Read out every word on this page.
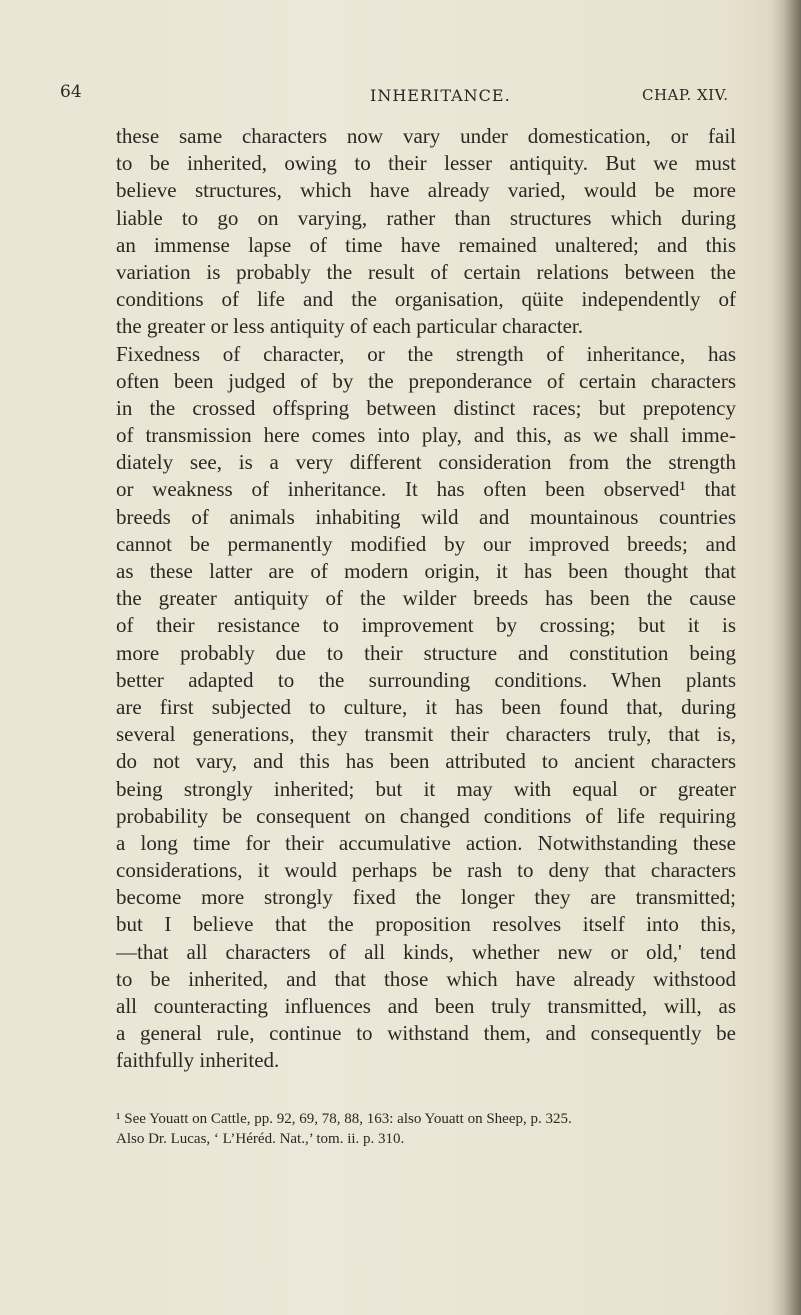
64	INHERITANCE.	CHAP. XIV.
these same characters now vary under domestication, or fail
to be inherited, owing to their lesser antiquity. But we must
believe structures, which have already varied, would be more
liable to go on varying, rather than structures which during
an immense lapse of time have remained unaltered; and this
variation is probably the result of certain relations between the
conditions of life and the organisation, qüite independently of
the greater or less antiquity of each particular character.
Fixedness of character, or the strength of inheritance, has
often been judged of by the preponderance of certain characters
in the crossed offspring between distinct races; but prepotency
of transmission here comes into play, and this, as we shall imme-
diately see, is a very different consideration from the strength
or weakness of inheritance. It has often been observed¹ that
breeds of animals inhabiting wild and mountainous countries
cannot be permanently modified by our improved breeds; and
as these latter are of modern origin, it has been thought that
the greater antiquity of the wilder breeds has been the cause
of their resistance to improvement by crossing; but it is
more probably due to their structure and constitution being
better adapted to the surrounding conditions. When plants
are first subjected to culture, it has been found that, during
several generations, they transmit their characters truly, that is,
do not vary, and this has been attributed to ancient characters
being strongly inherited; but it may with equal or greater
probability be consequent on changed conditions of life requiring
a long time for their accumulative action. Notwithstanding these
considerations, it would perhaps be rash to deny that characters
become more strongly fixed the longer they are transmitted;
but I believe that the proposition resolves itself into this,
—that all characters of all kinds, whether new or old,' tend
to be inherited, and that those which have already withstood
all counteracting influences and been truly transmitted, will, as
a general rule, continue to withstand them, and consequently be
faithfully inherited.
¹ See Youatt on Cattle, pp. 92, 69, 78, 88, 163: also Youatt on Sheep, p. 325.
Also Dr. Lucas, ‘ L’Héréd. Nat.,’ tom. ii. p. 310.
